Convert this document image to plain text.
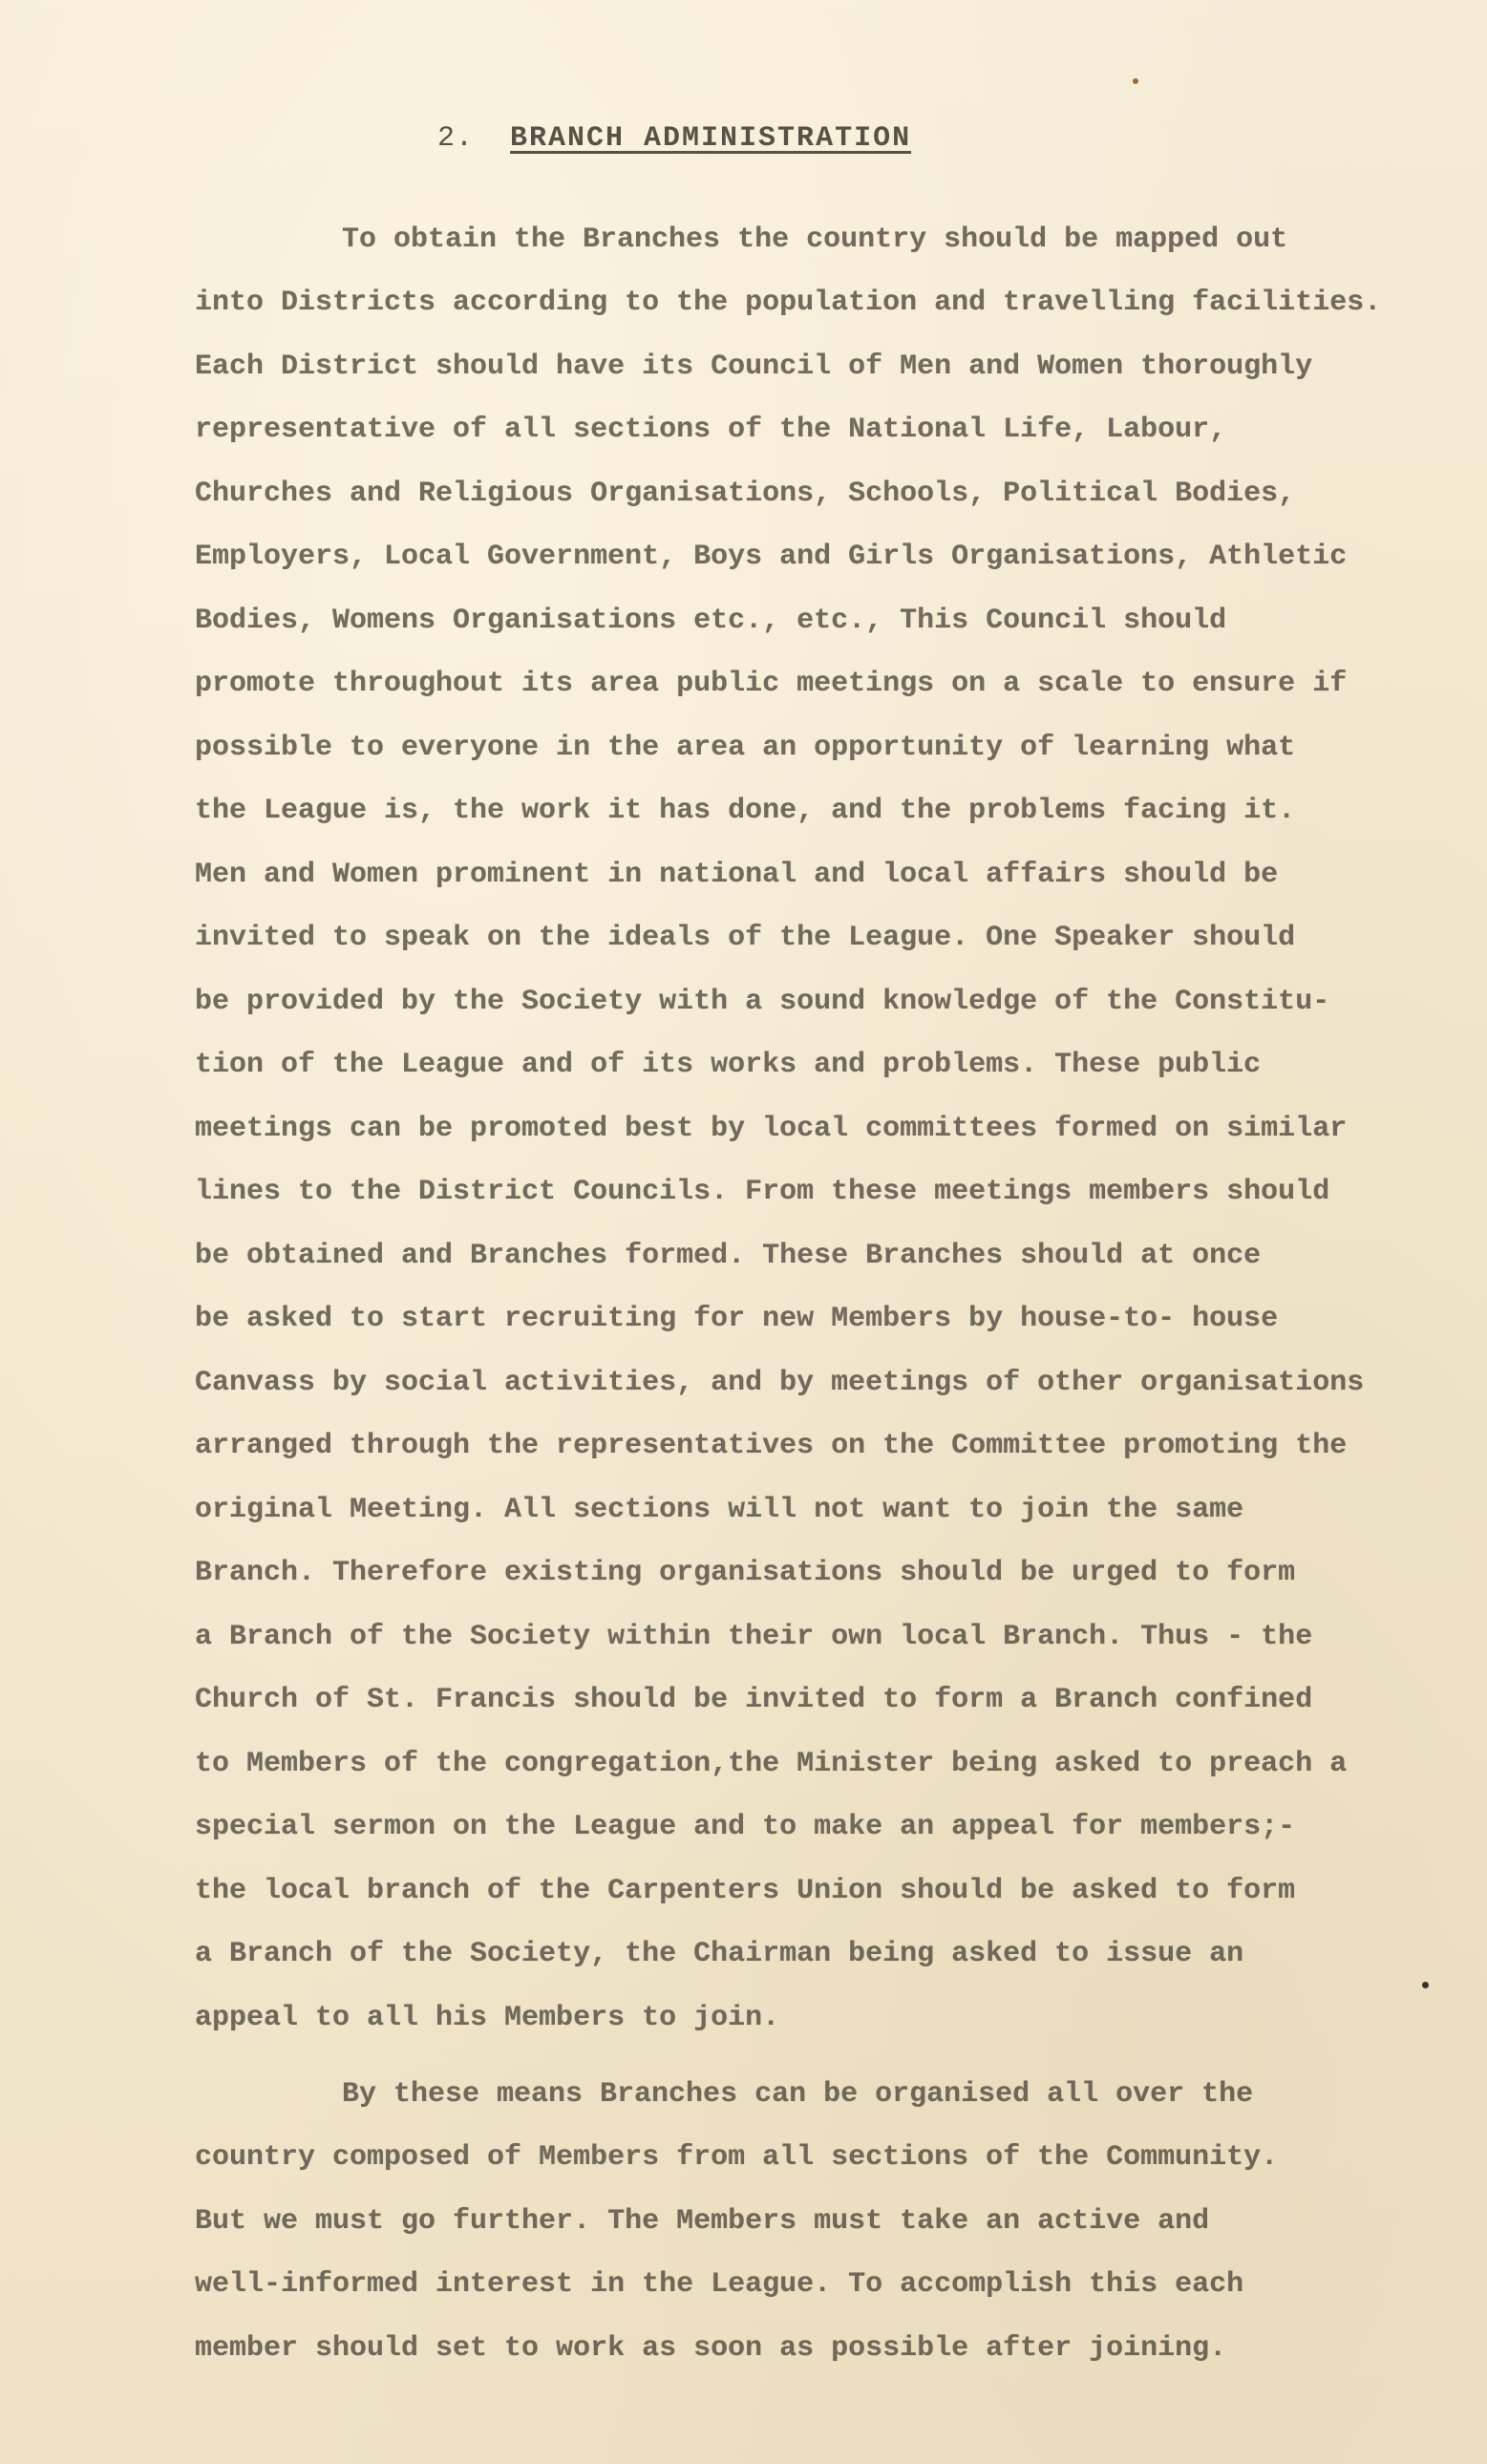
2. BRANCH ADMINISTRATION
To obtain the Branches the country should be mapped out
into Districts according to the population and travelling facilities.
Each District should have its Council of Men and Women thoroughly
representative of all sections of the National Life, Labour,
Churches and Religious Organisations, Schools, Political Bodies,
Employers, Local Government, Boys and Girls Organisations, Athletic
Bodies, Womens Organisations etc., etc., This Council should
promote throughout its area public meetings on a scale to ensure if
possible to everyone in the area an opportunity of learning what
the League is, the work it has done, and the problems facing it.
Men and Women prominent in national and local affairs should be
invited to speak on the ideals of the League. One Speaker should
be provided by the Society with a sound knowledge of the Constitu-
tion of the League and of its works and problems. These public
meetings can be promoted best by local committees formed on similar
lines to the District Councils. From these meetings members should
be obtained and Branches formed. These Branches should at once
be asked to start recruiting for new Members by house-to- house
Canvass by social activities, and by meetings of other organisations
arranged through the representatives on the Committee promoting the
original Meeting. All sections will not want to join the same
Branch. Therefore existing organisations should be urged to form
a Branch of the Society within their own local Branch. Thus - the
Church of St. Francis should be invited to form a Branch confined
to Members of the congregation,the Minister being asked to preach a
special sermon on the League and to make an appeal for members;-
the local branch of the Carpenters Union should be asked to form
a Branch of the Society, the Chairman being asked to issue an
appeal to all his Members to join.
By these means Branches can be organised all over the
country composed of Members from all sections of the Community.
But we must go further. The Members must take an active and
well-informed interest in the League. To accomplish this each
member should set to work as soon as possible after joining.
